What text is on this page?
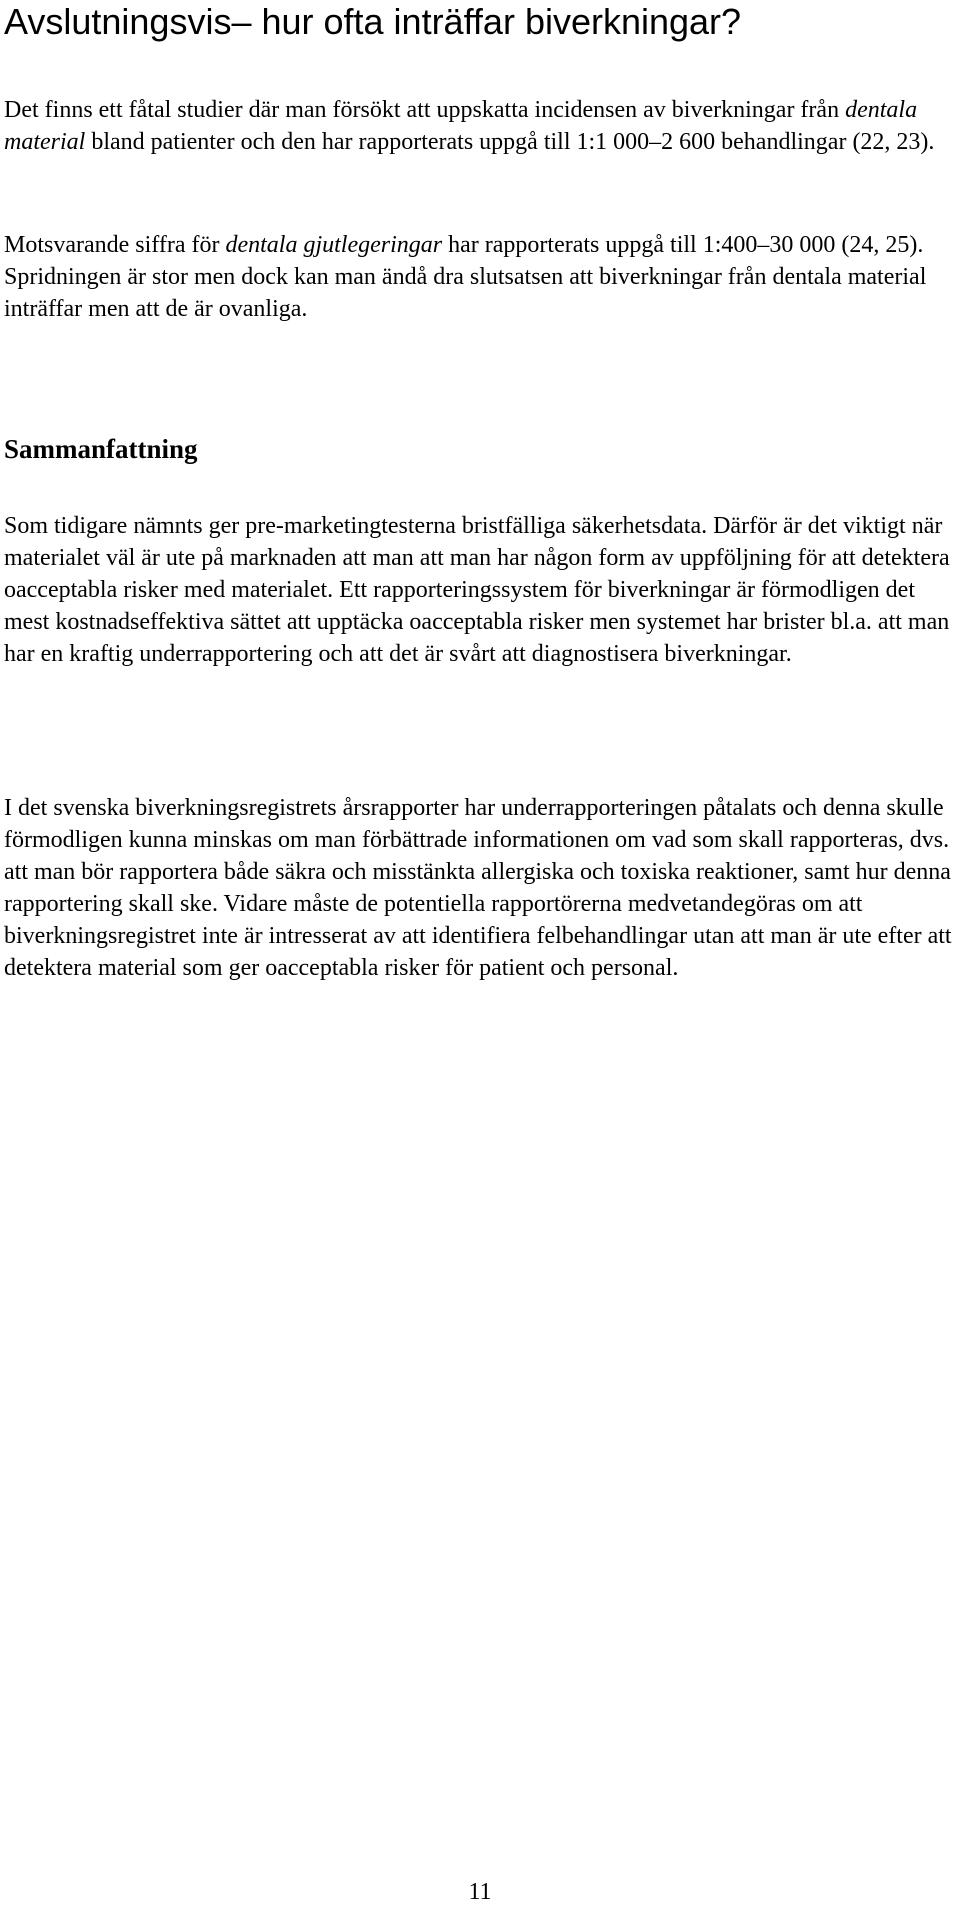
Avslutningsvis– hur ofta inträffar biverkningar?

Det finns ett fåtal studier där man försökt att uppskatta incidensen av biverkningar från dentala material bland patienter och den har rapporterats uppgå till 1:1 000–2 600 behandlingar (22, 23).

Motsvarande siffra för dentala gjutlegeringar har rapporterats uppgå till 1:400–30 000 (24, 25). Spridningen är stor men dock kan man ändå dra slutsatsen att biverkningar från dentala material inträffar men att de är ovanliga.

Sammanfattning

Som tidigare nämnts ger pre-marketingtesterna bristfälliga säkerhetsdata. Därför är det viktigt när materialet väl är ute på marknaden att man att man har någon form av uppföljning för att detektera oacceptabla risker med materialet. Ett rapporteringssystem för biverkningar är förmodligen det mest kostnadseffektiva sättet att upptäcka oacceptabla risker men systemet har brister bl.a. att man har en kraftig underrapportering och att det är svårt att diagnostisera biverkningar.

I det svenska biverkningsregistrets årsrapporter har underrapporteringen påtalats och denna skulle förmodligen kunna minskas om man förbättrade informationen om vad som skall rapporteras, dvs. att man bör rapportera både säkra och misstänkta allergiska och toxiska reaktioner, samt hur denna rapportering skall ske. Vidare måste de potentiella rapportörerna medvetandegöras om att biverkningsregistret inte är intresserat av att identifiera felbehandlingar utan att man är ute efter att detektera material som ger oacceptabla risker för patient och personal.

11
